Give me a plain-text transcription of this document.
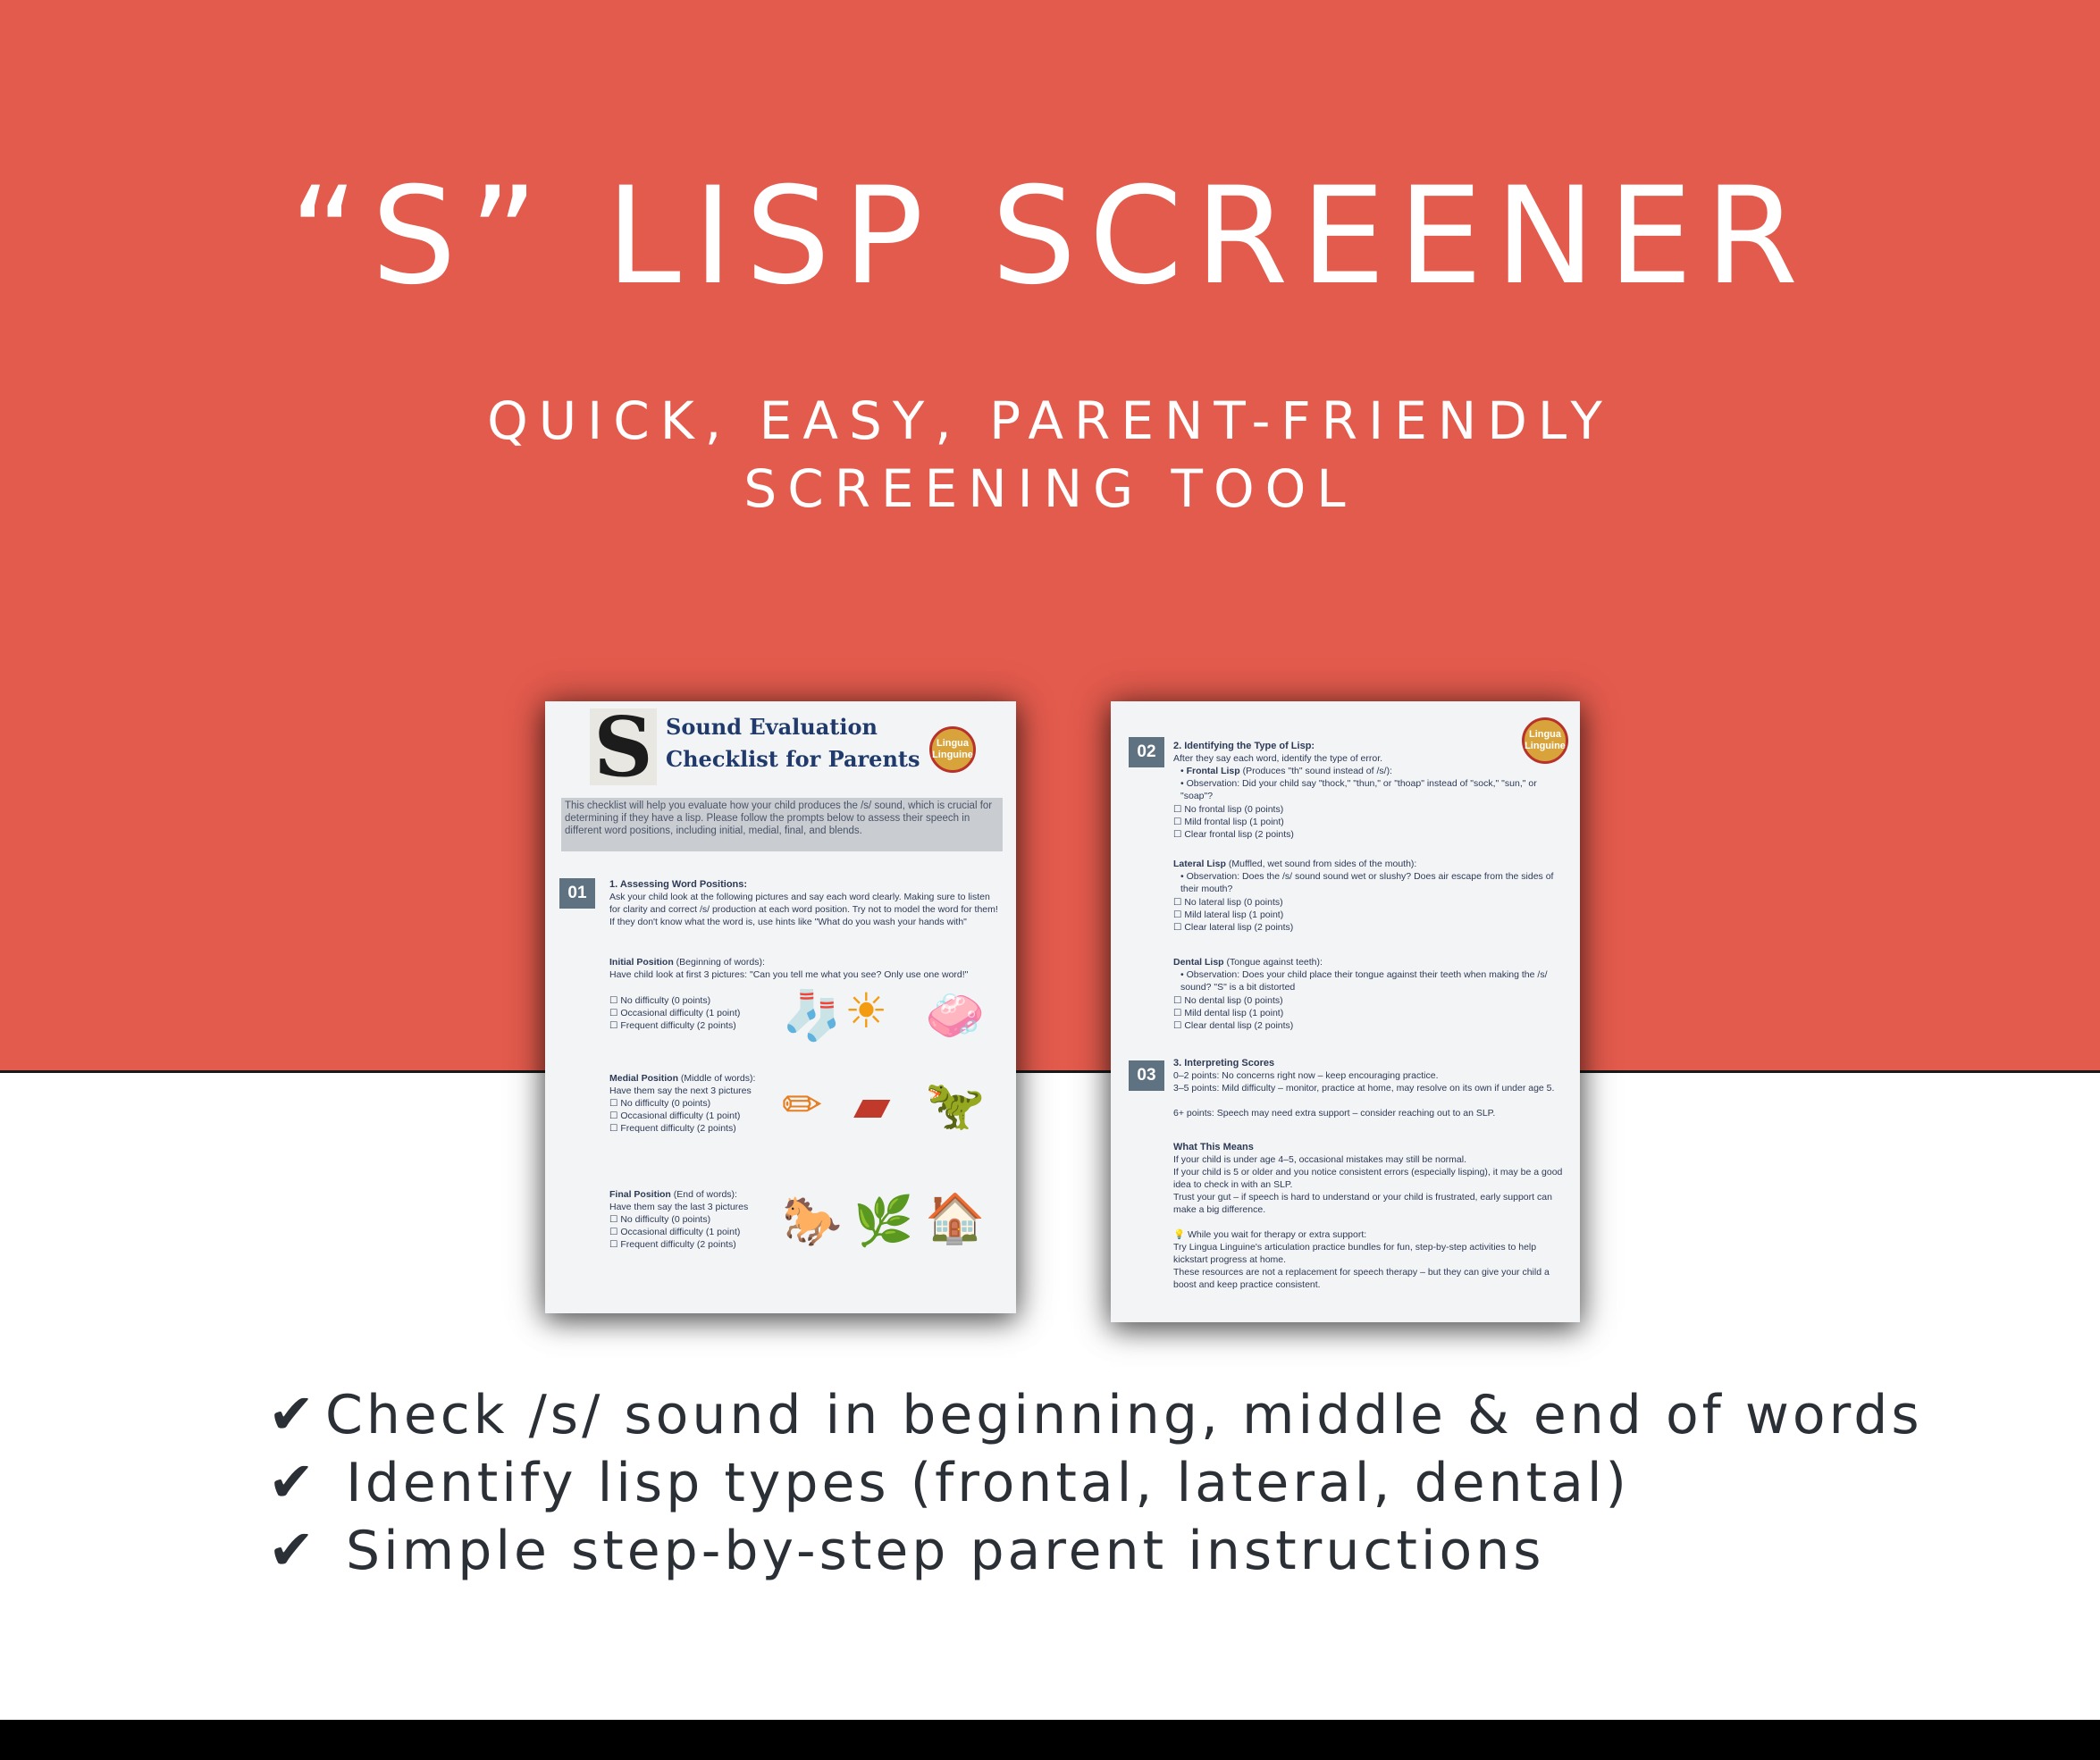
“S” LISP SCREENER
QUICK, EASY, PARENT-FRIENDLY
SCREENING TOOL
S Sound Evaluation
Checklist for Parents
Lingua Linguine
This checklist will help you evaluate how your child produces the /s/ sound, which is crucial for determining if they have a lisp. Please follow the prompts below to assess their speech in different word positions, including initial, medial, final, and blends.
01	1. Assessing Word Positions:

Ask your child look at the following pictures and say each word clearly. Making sure to listen for clarity and correct /s/ production at each word position. Try not to model the word for them! If they don't know what the word is, use hints like "What do you wash your hands with"

Initial Position (Beginning of words):

Have child look at first 3 pictures: "Can you tell me what you see? Only use one word!"

☐ No difficulty (0 points)

☐ Occasional difficulty (1 point)

☐ Frequent difficulty (2 points) 🧦 ☀ 🧼

Medial Position (Middle of words):

Have them say the next 3 pictures

☐ No difficulty (0 points)

☐ Occasional difficulty (1 point)

☐ Frequent difficulty (2 points) ✏ ▰ 🦖

Final Position (End of words):

Have them say the last 3 pictures

☐ No difficulty (0 points)

☐ Occasional difficulty (1 point)

☐ Frequent difficulty (2 points) 🐎 🌿 🏠
Lingua Linguine
02	2. Identifying the Type of Lisp:

After they say each word, identify the type of error.

• Frontal Lisp (Produces "th" sound instead of /s/):

• Observation: Did your child say "thock," "thun," or "thoap" instead of "sock," "sun," or "soap"?

☐ No frontal lisp (0 points)

☐ Mild frontal lisp (1 point)

☐ Clear frontal lisp (2 points)

Lateral Lisp (Muffled, wet sound from sides of the mouth):

• Observation: Does the /s/ sound sound wet or slushy? Does air escape from the sides of their mouth?

☐ No lateral lisp (0 points)

☐ Mild lateral lisp (1 point)

☐ Clear lateral lisp (2 points)

Dental Lisp (Tongue against teeth):

• Observation: Does your child place their tongue against their teeth when making the /s/ sound? "S" is a bit distorted

☐ No dental lisp (0 points)

☐ Mild dental lisp (1 point)

☐ Clear dental lisp (2 points)

03

3. Interpreting Scores

0–2 points: No concerns right now – keep encouraging practice.

3–5 points: Mild difficulty – monitor, practice at home, may resolve on its own if under age 5.

6+ points: Speech may need extra support – consider reaching out to an SLP.

What This Means

If your child is under age 4–5, occasional mistakes may still be normal.

If your child is 5 or older and you notice consistent errors (especially lisping), it may be a good idea to check in with an SLP.

Trust your gut – if speech is hard to understand or your child is frustrated, early support can make a big difference.

💡 While you wait for therapy or extra support:

Try Lingua Linguine's articulation practice bundles for fun, step-by-step activities to help kickstart progress at home.

These resources are not a replacement for speech therapy – but they can give your child a boost and keep practice consistent.

✔ Check /s/ sound in beginning, middle & end of words
✔ Identify lisp types (frontal, lateral, dental)
✔ Simple step-by-step parent instructions
